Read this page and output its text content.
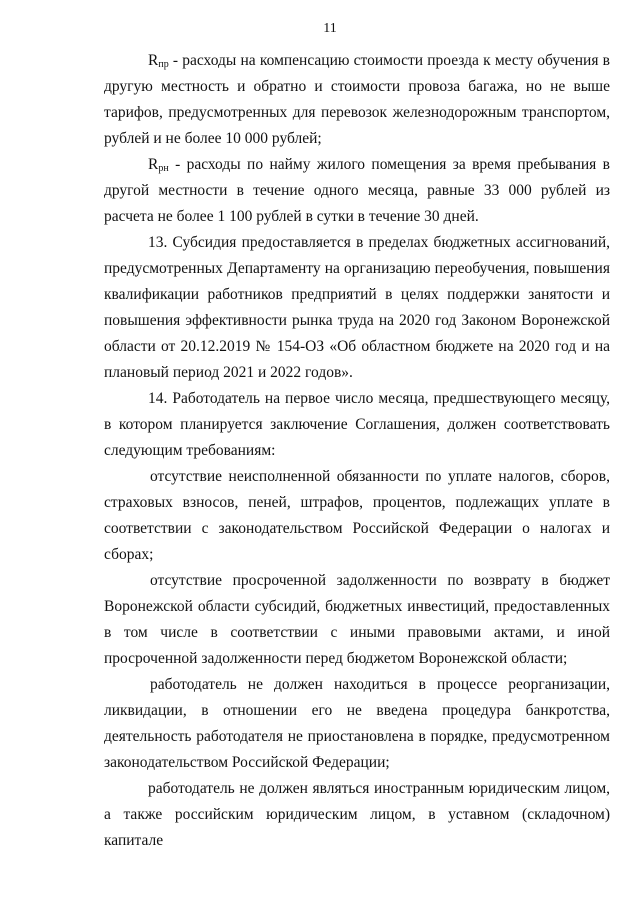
11

$R_{пр}$ - расходы на компенсацию стоимости проезда к месту обучения в другую местность и обратно и стоимости провоза багажа, но не выше тарифов, предусмотренных для перевозок железнодорожным транспортом, рублей и не более 10 000 рублей;

$R_{рн}$ - расходы по найму жилого помещения за время пребывания в другой местности в течение одного месяца, равные 33 000 рублей из расчета не более 1 100 рублей в сутки в течение 30 дней.

13. Субсидия предоставляется в пределах бюджетных ассигнований, предусмотренных Департаменту на организацию переобучения, повышения квалификации работников предприятий в целях поддержки занятости и повышения эффективности рынка труда на 2020 год Законом Воронежской области от 20.12.2019 № 154-ОЗ «Об областном бюджете на 2020 год и на плановый период 2021 и 2022 годов».

14. Работодатель на первое число месяца, предшествующего месяцу, в котором планируется заключение Соглашения, должен соответствовать следующим требованиям:

отсутствие неисполненной обязанности по уплате налогов, сборов, страховых взносов, пеней, штрафов, процентов, подлежащих уплате в соответствии с законодательством Российской Федерации о налогах и сборах;

отсутствие просроченной задолженности по возврату в бюджет Воронежской области субсидий, бюджетных инвестиций, предоставленных в том числе в соответствии с иными правовыми актами, и иной просроченной задолженности перед бюджетом Воронежской области;

работодатель не должен находиться в процессе реорганизации, ликвидации, в отношении его не введена процедура банкротства, деятельность работодателя не приостановлена в порядке, предусмотренном законодательством Российской Федерации;

работодатель не должен являться иностранным юридическим лицом, а также российским юридическим лицом, в уставном (складочном) капитале
